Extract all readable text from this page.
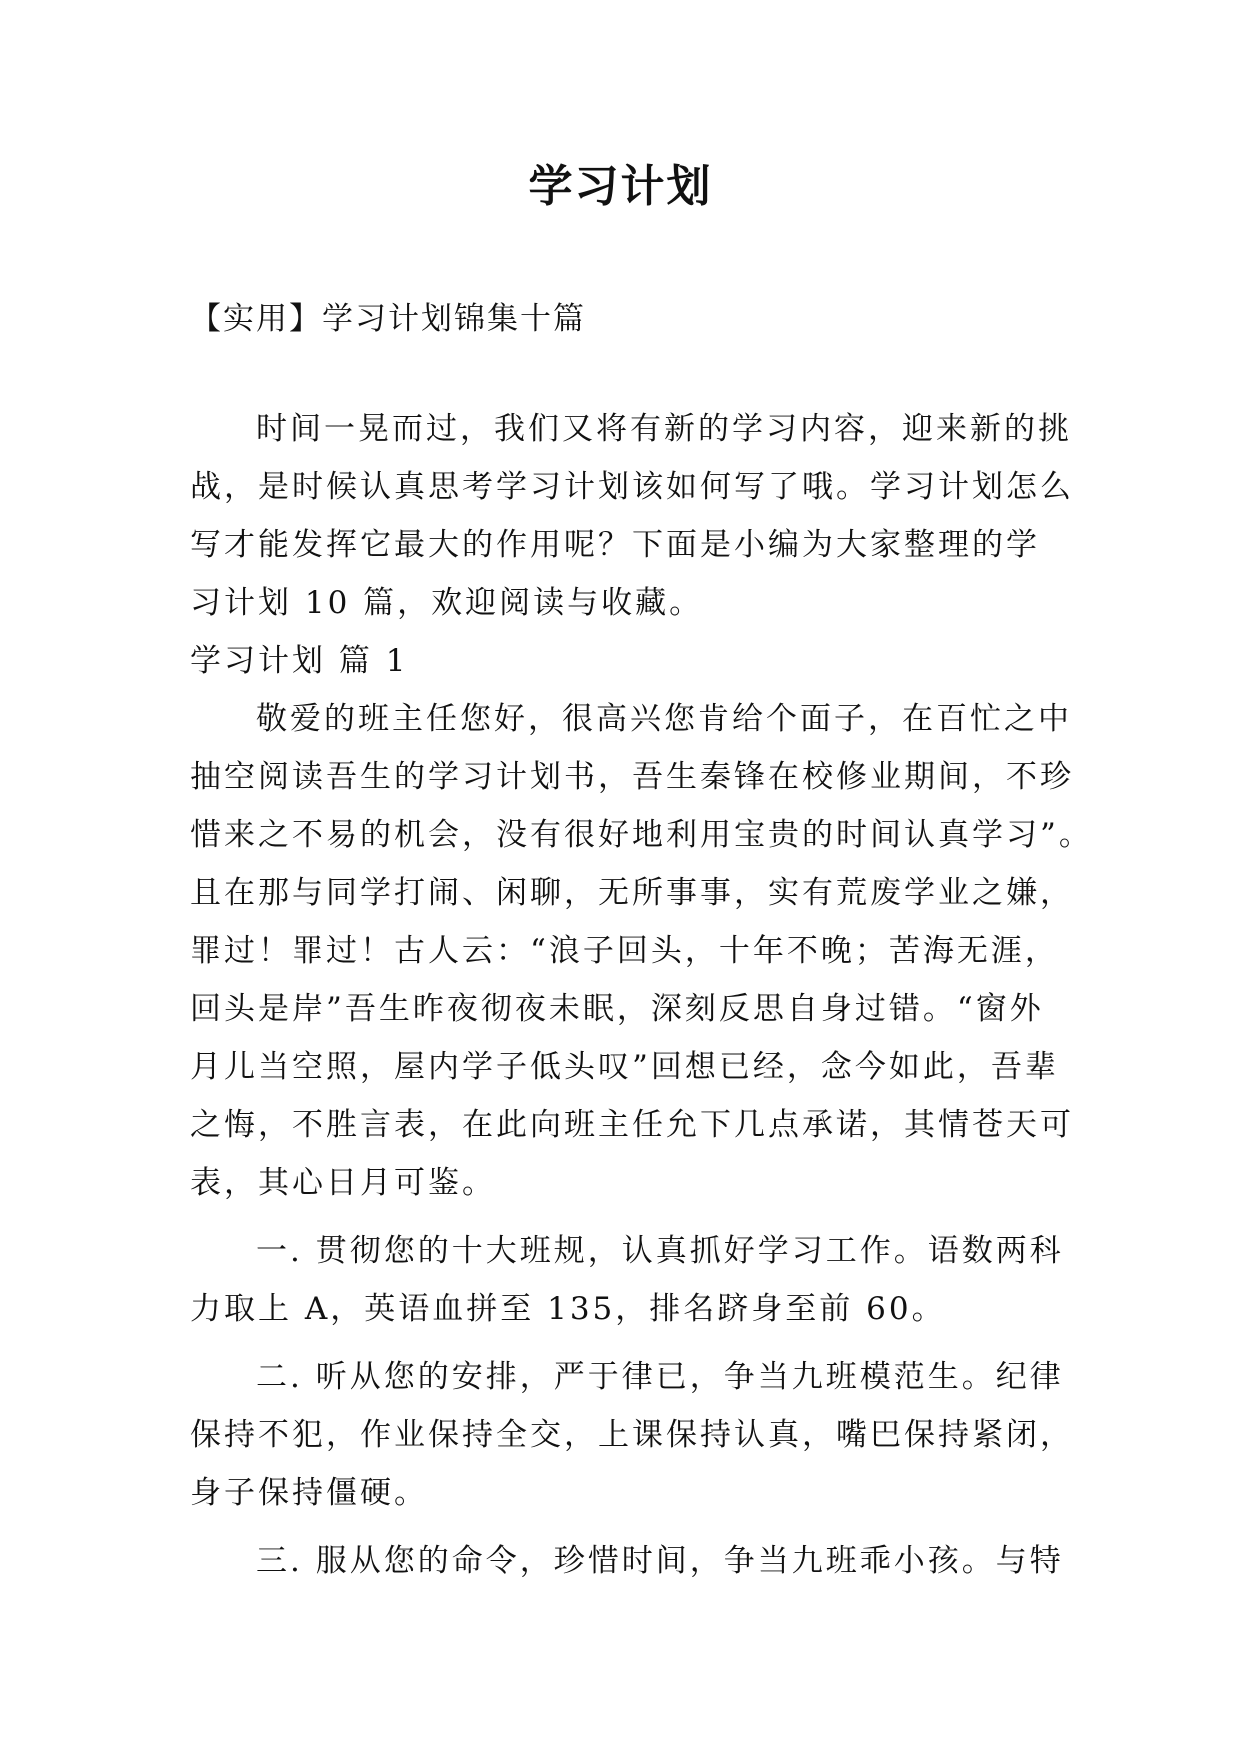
学习计划

【实用】学习计划锦集十篇

时间一晃而过，我们又将有新的学习内容，迎来新的挑
战，是时候认真思考学习计划该如何写了哦。学习计划怎么
写才能发挥它最大的作用呢？下面是小编为大家整理的学
习计划 10 篇，欢迎阅读与收藏。
学习计划 篇 1
敬爱的班主任您好，很高兴您肯给个面子，在百忙之中
抽空阅读吾生的学习计划书，吾生秦锋在校修业期间，不珍
惜来之不易的机会，没有很好地利用宝贵的时间认真学习”。
且在那与同学打闹、闲聊，无所事事，实有荒废学业之嫌，
罪过！罪过！古人云：“浪子回头，十年不晚；苦海无涯，
回头是岸”吾生昨夜彻夜未眠，深刻反思自身过错。“窗外
月儿当空照，屋内学子低头叹”回想已经，念今如此，吾辈
之悔，不胜言表，在此向班主任允下几点承诺，其情苍天可
表，其心日月可鉴。
一. 贯彻您的十大班规，认真抓好学习工作。语数两科
力取上 A，英语血拼至 135，排名跻身至前 60。
二. 听从您的安排，严于律已，争当九班模范生。纪律
保持不犯，作业保持全交，上课保持认真，嘴巴保持紧闭，
身子保持僵硬。
三. 服从您的命令，珍惜时间，争当九班乖小孩。与特
